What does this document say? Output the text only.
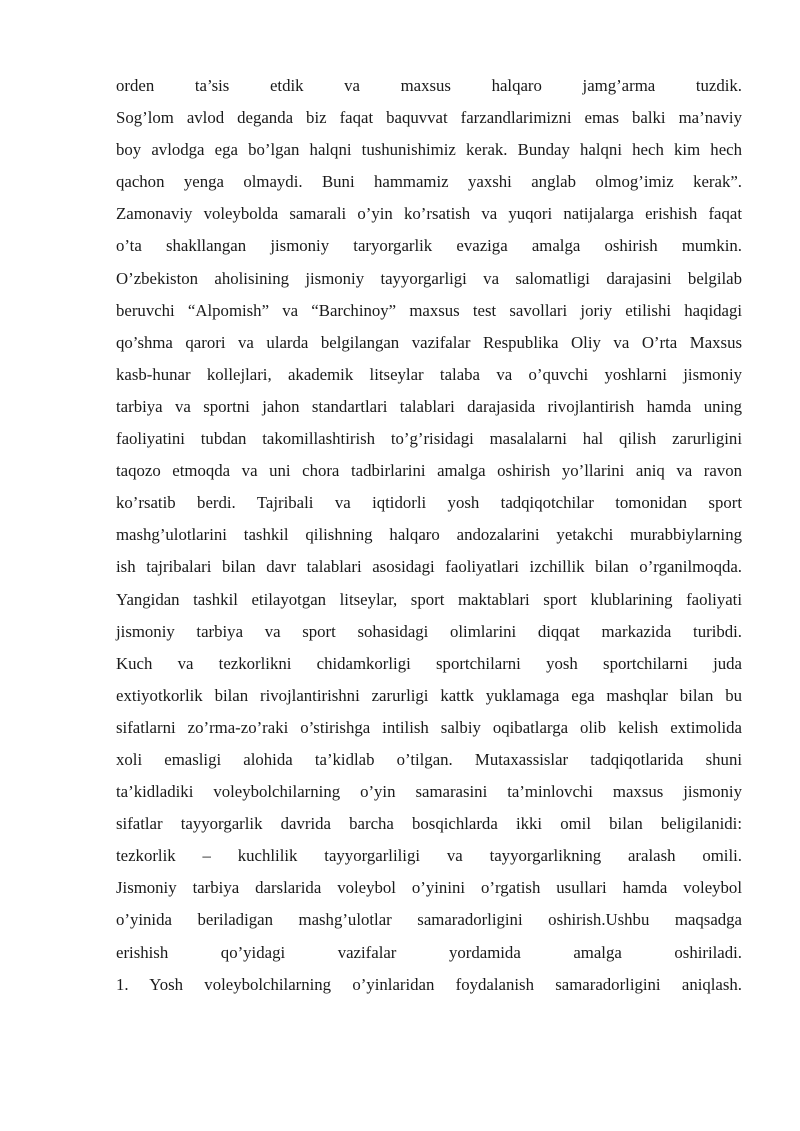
orden ta’sis etdik va maxsus halqaro jamg’arma tuzdik.
Sog’lom avlod deganda biz faqat baquvvat farzandlarimizni emas balki ma’naviy
boy avlodga ega bo’lgan halqni tushunishimiz kerak. Bunday halqni hech kim hech
qachon yenga olmaydi. Buni hammamiz yaxshi anglab olmog’imiz kerak”.
Zamonaviy voleybolda samarali o’yin ko’rsatish va yuqori natijalarga erishish faqat
o’ta shakllangan jismoniy taryorgarlik evaziga amalga oshirish mumkin.
O’zbekiston aholisining jismoniy tayyorgarligi va salomatligi darajasini belgilab
beruvchi “Alpomish” va “Barchinoy” maxsus test savollari joriy etilishi haqidagi
qo’shma qarori va ularda belgilangan vazifalar Respublika Oliy va O’rta Maxsus
kasb-hunar kollejlari, akademik litseylar talaba va o’quvchi yoshlarni jismoniy
tarbiya va sportni jahon standartlari talablari darajasida rivojlantirish hamda uning
faoliyatini tubdan takomillashtirish to’g’risidagi masalalarni hal qilish zarurligini
taqozo etmoqda va uni chora tadbirlarini amalga oshirish yo’llarini aniq va ravon
ko’rsatib berdi. Tajribali va iqtidorli yosh tadqiqotchilar tomonidan sport
mashg’ulotlarini tashkil qilishning halqaro andozalarini yetakchi murabbiylarning
ish tajribalari bilan davr talablari asosidagi faoliyatlari izchillik bilan o’rganilmoqda.
Yangidan tashkil etilayotgan litseylar, sport maktablari sport klublarining faoliyati
jismoniy tarbiya va sport sohasidagi olimlarini diqqat markazida turibdi.
Kuch va tezkorlikni chidamkorligi sportchilarni yosh sportchilarni juda
extiyotkorlik bilan rivojlantirishni zarurligi kattk yuklamaga ega mashqlar bilan bu
sifatlarni zo’rma-zo’raki o’stirishga intilish salbiy oqibatlarga olib kelish extimolida
xoli emasligi alohida ta’kidlab o’tilgan. Mutaxassislar tadqiqotlarida shuni
ta’kidladiki voleybolchilarning o’yin samarasini ta’minlovchi maxsus jismoniy
sifatlar tayyorgarlik davrida barcha bosqichlarda ikki omil bilan beligilanidi:
tezkorlik – kuchlilik tayyorgarliligi va tayyorgarlikning aralash omili.
Jismoniy tarbiya darslarida voleybol o’yinini o’rgatish usullari hamda voleybol
o’yinida beriladigan mashg’ulotlar samaradorligini oshirish.Ushbu maqsadga
erishish qo’yidagi vazifalar yordamida amalga oshiriladi.
1. Yosh voleybolchilarning o’yinlaridan foydalanish samaradorligini aniqlash.
